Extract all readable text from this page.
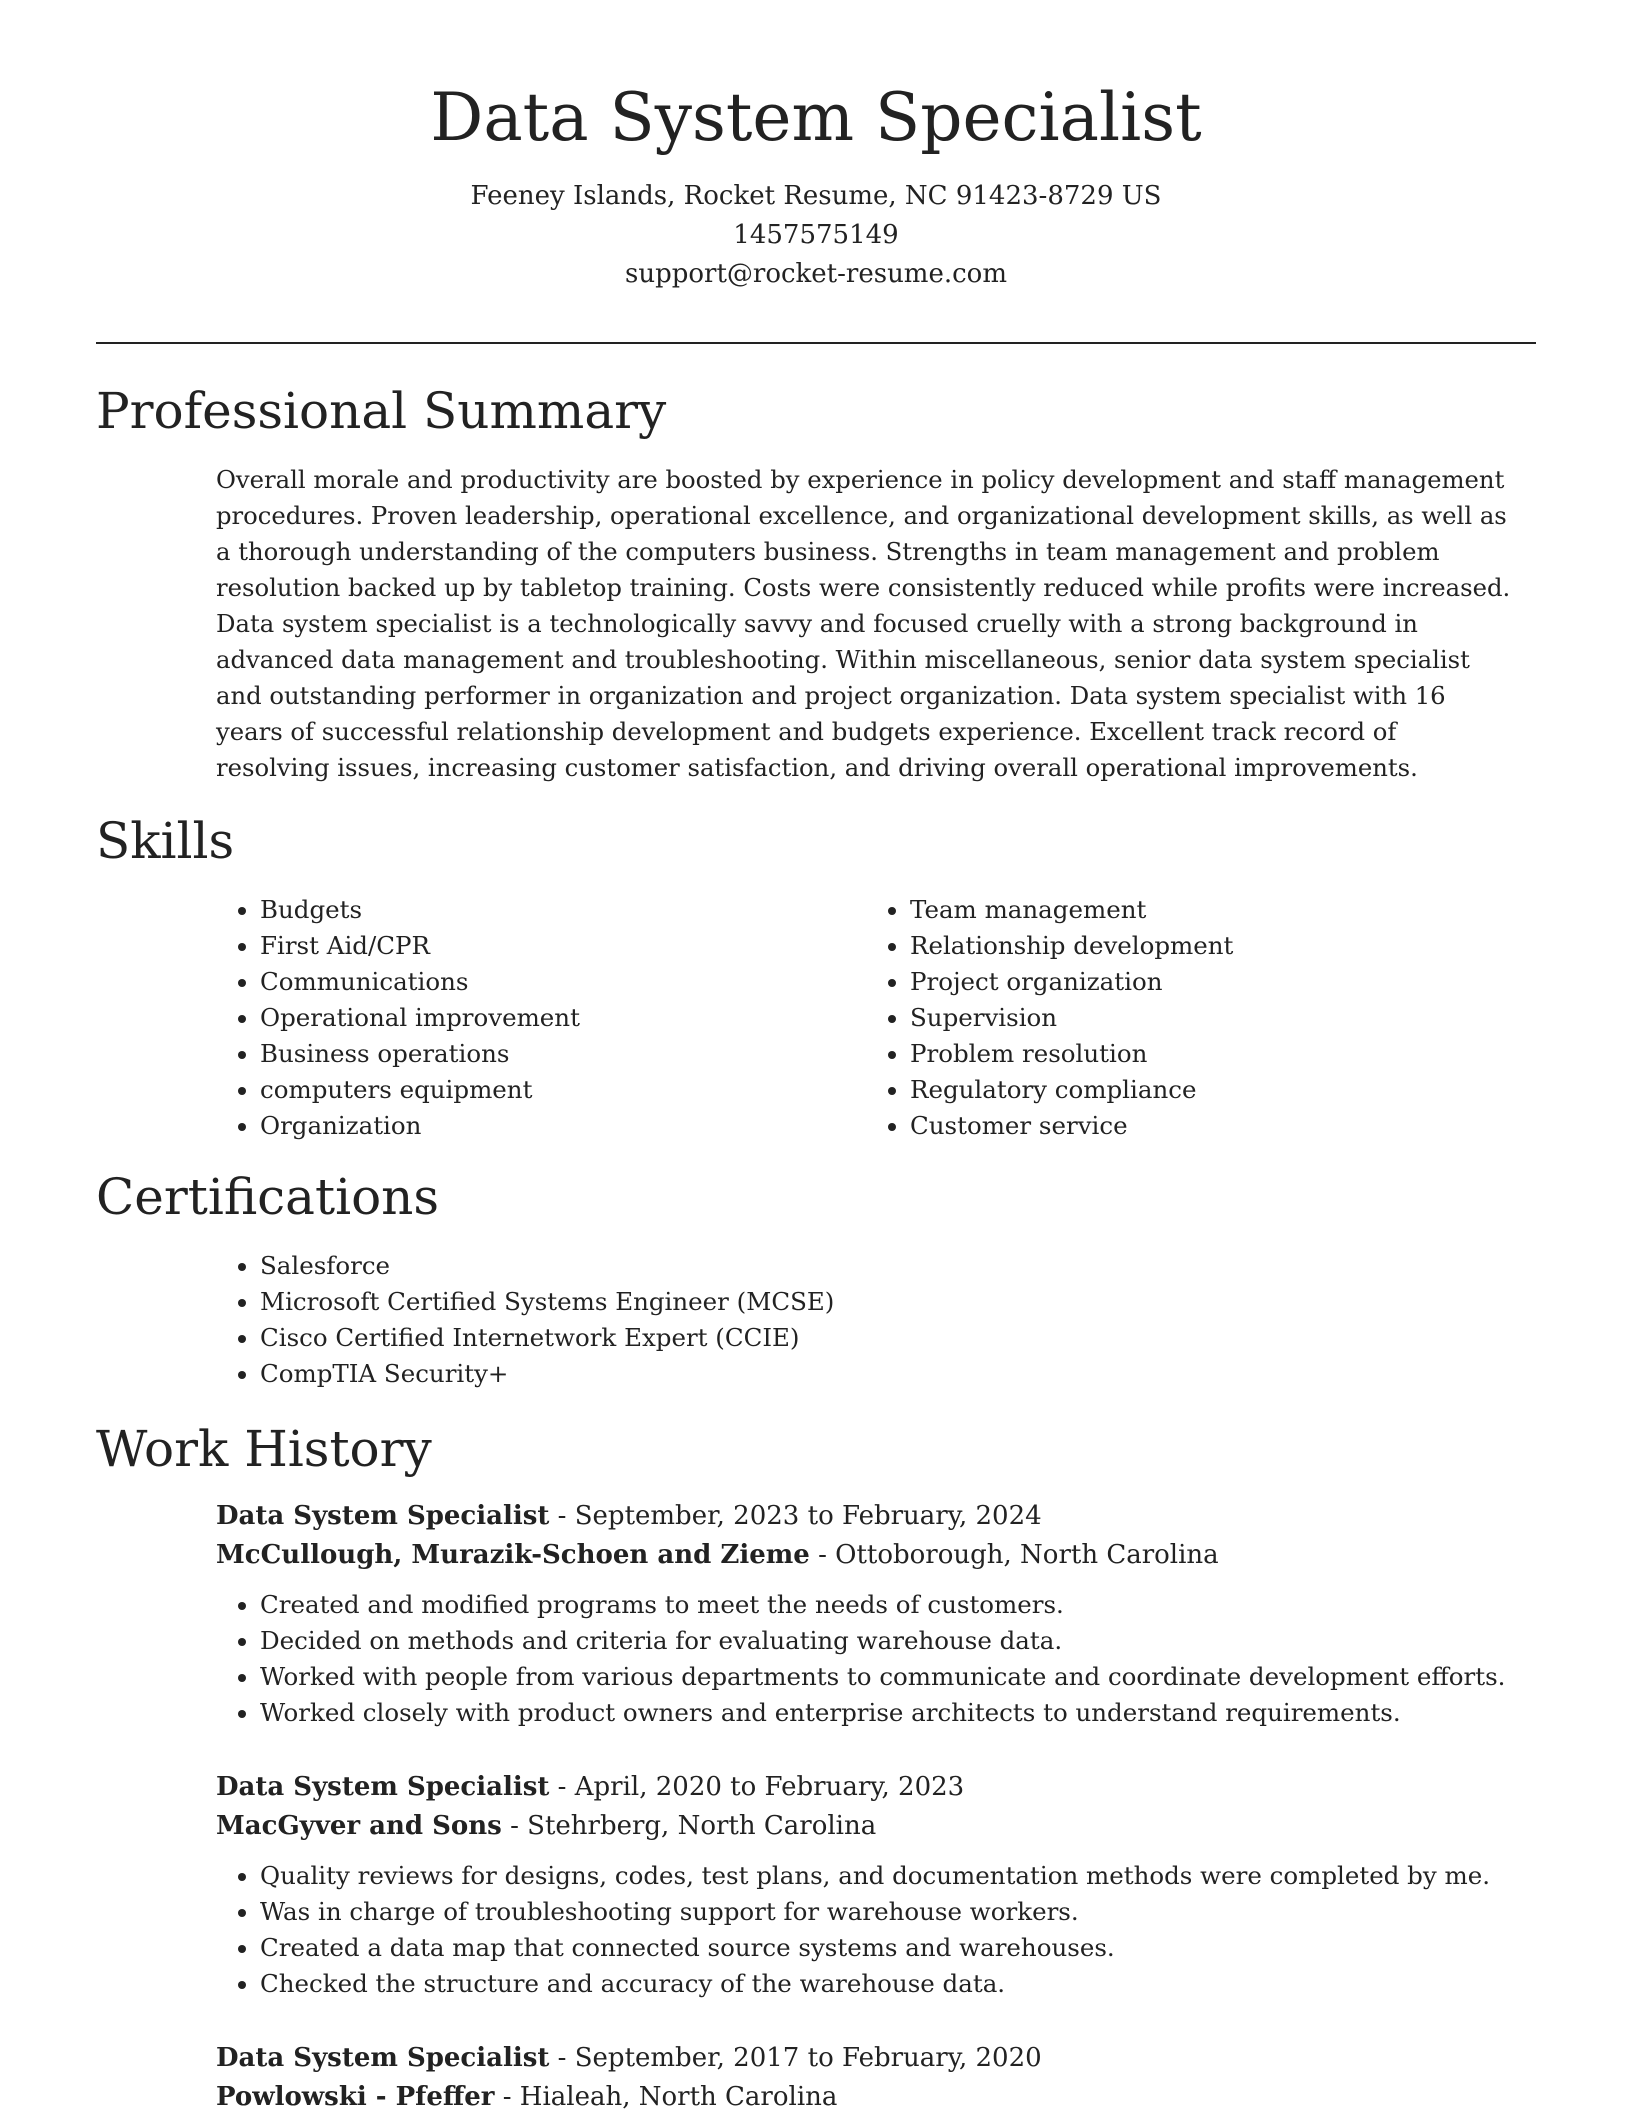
Data System Specialist
Feeney Islands, Rocket Resume, NC 91423-8729 US
1457575149
support@rocket-resume.com
Professional Summary

Overall morale and productivity are boosted by experience in policy development and staff management procedures. Proven leadership, operational excellence, and organizational development skills, as well as a thorough understanding of the computers business. Strengths in team management and problem resolution backed up by tabletop training. Costs were consistently reduced while profits were increased. Data system specialist is a technologically savvy and focused cruelly with a strong background in advanced data management and troubleshooting. Within miscellaneous, senior data system specialist and outstanding performer in organization and project organization. Data system specialist with 16 years of successful relationship development and budgets experience. Excellent track record of resolving issues, increasing customer satisfaction, and driving overall operational improvements.

Skills
• Budgets
• First Aid/CPR
• Communications
• Operational improvement
• Business operations
• computers equipment
• Organization
• Team management
• Relationship development
• Project organization
• Supervision
• Problem resolution
• Regulatory compliance
• Customer service
Certifications
• Salesforce
• Microsoft Certified Systems Engineer (MCSE)
• Cisco Certified Internetwork Expert (CCIE)
• CompTIA Security+
Work History
Data System Specialist - September, 2023 to February, 2024
McCullough, Murazik-Schoen and Zieme - Ottoborough, North Carolina
• Created and modified programs to meet the needs of customers.
• Decided on methods and criteria for evaluating warehouse data.
• Worked with people from various departments to communicate and coordinate development efforts.
• Worked closely with product owners and enterprise architects to understand requirements.
Data System Specialist - April, 2020 to February, 2023
MacGyver and Sons - Stehrberg, North Carolina
• Quality reviews for designs, codes, test plans, and documentation methods were completed by me.
• Was in charge of troubleshooting support for warehouse workers.
• Created a data map that connected source systems and warehouses.
• Checked the structure and accuracy of the warehouse data.
Data System Specialist - September, 2017 to February, 2020
Powlowski - Pfeffer - Hialeah, North Carolina
